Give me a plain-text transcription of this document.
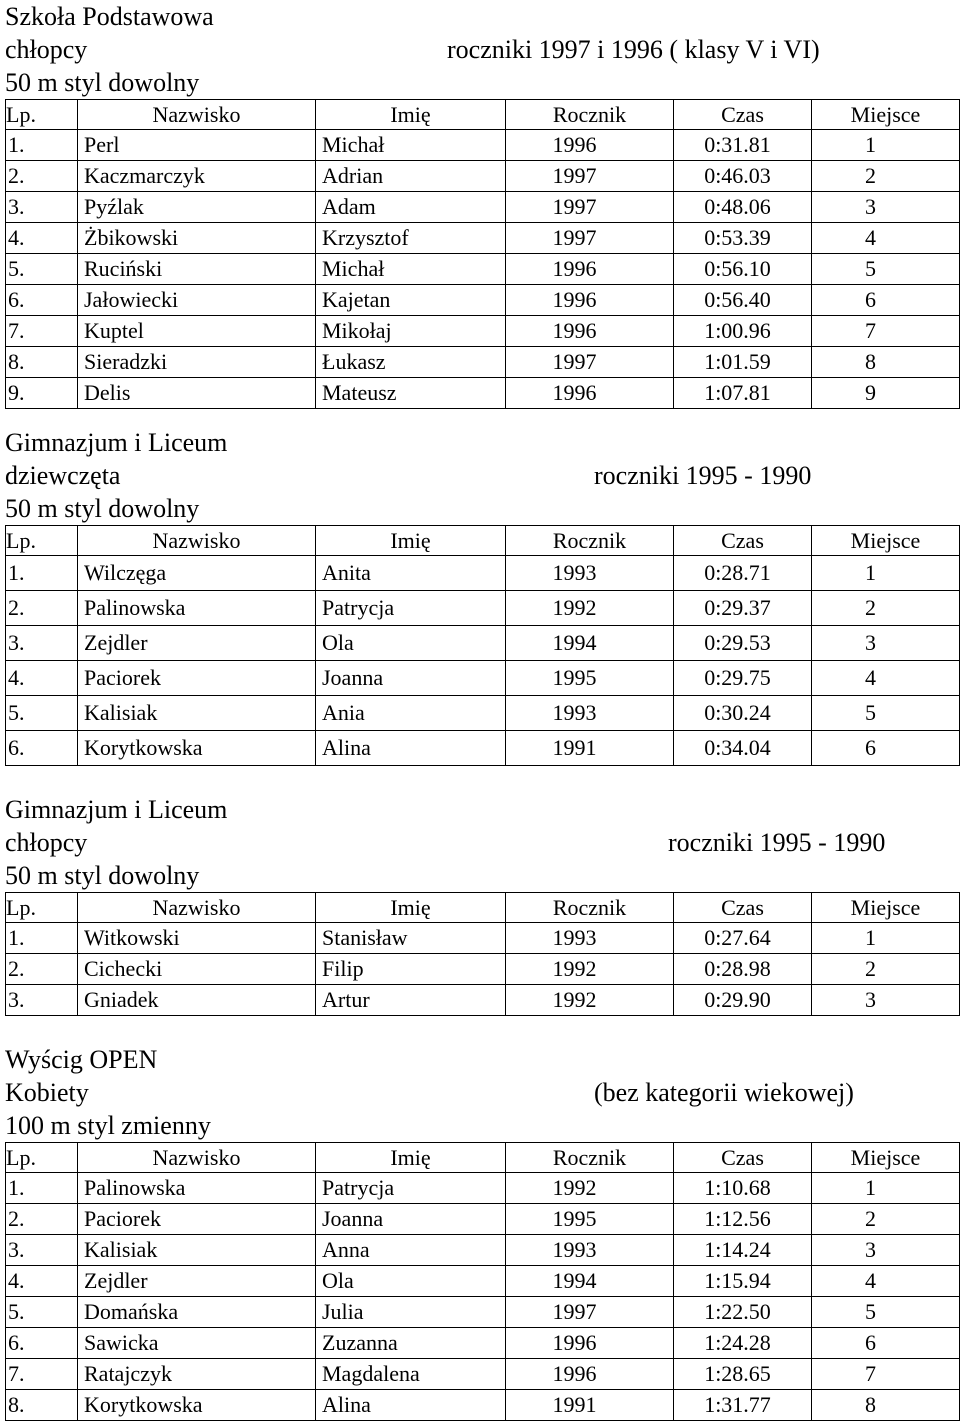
Szkoła Podstawowa
chłopcy	roczniki 1997 i 1996 ( klasy V i VI)
50 m styl dowolny
Lp.	Nazwisko	Imię	Rocznik	Czas	Miejsce
1.	Perl	Michał	1996	0:31.81	1
2.	Kaczmarczyk	Adrian	1997	0:46.03	2
3.	Pyźlak	Adam	1997	0:48.06	3
4.	Żbikowski	Krzysztof	1997	0:53.39	4
5.	Ruciński	Michał	1996	0:56.10	5
6.	Jałowiecki	Kajetan	1996	0:56.40	6
7.	Kuptel	Mikołaj	1996	1:00.96	7
8.	Sieradzki	Łukasz	1997	1:01.59	8
9.	Delis	Mateusz	1996	1:07.81	9
Gimnazjum i Liceum
dziewczęta	roczniki 1995 - 1990
50 m styl dowolny
Lp.	Nazwisko	Imię	Rocznik	Czas	Miejsce
1.	Wilczęga	Anita	1993	0:28.71	1
2.	Palinowska	Patrycja	1992	0:29.37	2
3.	Zejdler	Ola	1994	0:29.53	3
4.	Paciorek	Joanna	1995	0:29.75	4
5.	Kalisiak	Ania	1993	0:30.24	5
6.	Korytkowska	Alina	1991	0:34.04	6
Gimnazjum i Liceum
chłopcy	roczniki 1995 - 1990
50 m styl dowolny
Lp.	Nazwisko	Imię	Rocznik	Czas	Miejsce
1.	Witkowski	Stanisław	1993	0:27.64	1
2.	Cichecki	Filip	1992	0:28.98	2
3.	Gniadek	Artur	1992	0:29.90	3
Wyścig OPEN
Kobiety	(bez kategorii wiekowej)
100 m styl zmienny
Lp.	Nazwisko	Imię	Rocznik	Czas	Miejsce
1.	Palinowska	Patrycja	1992	1:10.68	1
2.	Paciorek	Joanna	1995	1:12.56	2
3.	Kalisiak	Anna	1993	1:14.24	3
4.	Zejdler	Ola	1994	1:15.94	4
5.	Domańska	Julia	1997	1:22.50	5
6.	Sawicka	Zuzanna	1996	1:24.28	6
7.	Ratajczyk	Magdalena	1996	1:28.65	7
8.	Korytkowska	Alina	1991	1:31.77	8
